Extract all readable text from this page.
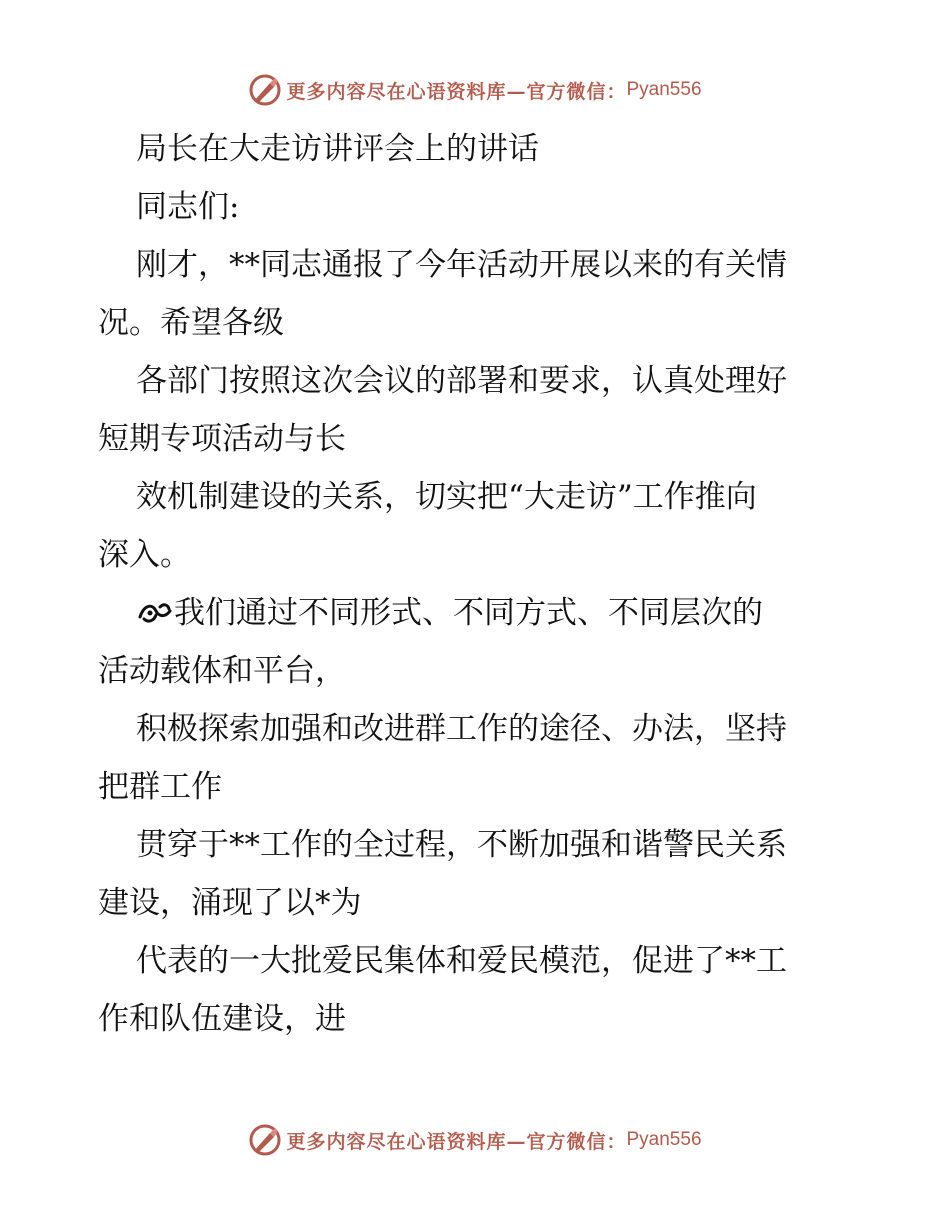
更多内容尽在心语资料库—官方微信： Pyan556
局长在大走访讲评会上的讲话
同志们:
刚才，**同志通报了今年活动开展以来的有关情
况。希望各级
各部门按照这次会议的部署和要求，认真处理好
短期专项活动与长
效机制建设的关系，切实把“大走访”工作推向
深入。
我们通过不同形式、不同方式、不同层次的
活动载体和平台，
积极探索加强和改进群工作的途径、办法，坚持
把群工作
贯穿于**工作的全过程，不断加强和谐警民关系
建设，涌现了以*为
代表的一大批爱民集体和爱民模范，促进了**工
作和队伍建设，进
更多内容尽在心语资料库—官方微信： Pyan556
